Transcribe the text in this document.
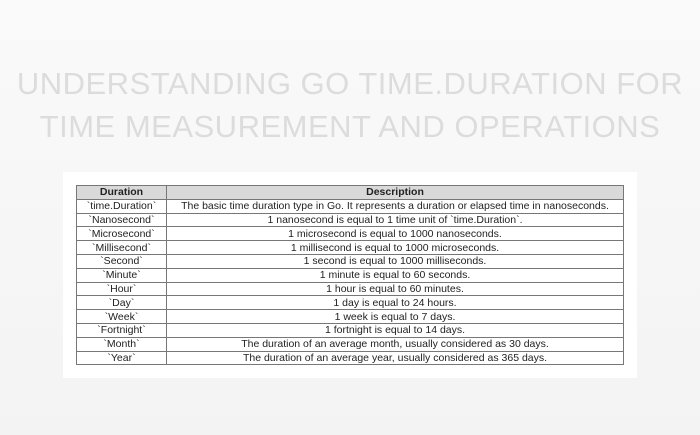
UNDERSTANDING GO TIME.DURATION FOR
TIME MEASUREMENT AND OPERATIONS
Duration	Description
`time.Duration`	The basic time duration type in Go. It represents a duration or elapsed time in nanoseconds.
`Nanosecond`	1 nanosecond is equal to 1 time unit of `time.Duration`.
`Microsecond`	1 microsecond is equal to 1000 nanoseconds.
`Millisecond`	1 millisecond is equal to 1000 microseconds.
`Second`	1 second is equal to 1000 milliseconds.
`Minute`	1 minute is equal to 60 seconds.
`Hour`	1 hour is equal to 60 minutes.
`Day`	1 day is equal to 24 hours.
`Week`	1 week is equal to 7 days.
`Fortnight`	1 fortnight is equal to 14 days.
`Month`	The duration of an average month, usually considered as 30 days.
`Year`	The duration of an average year, usually considered as 365 days.
